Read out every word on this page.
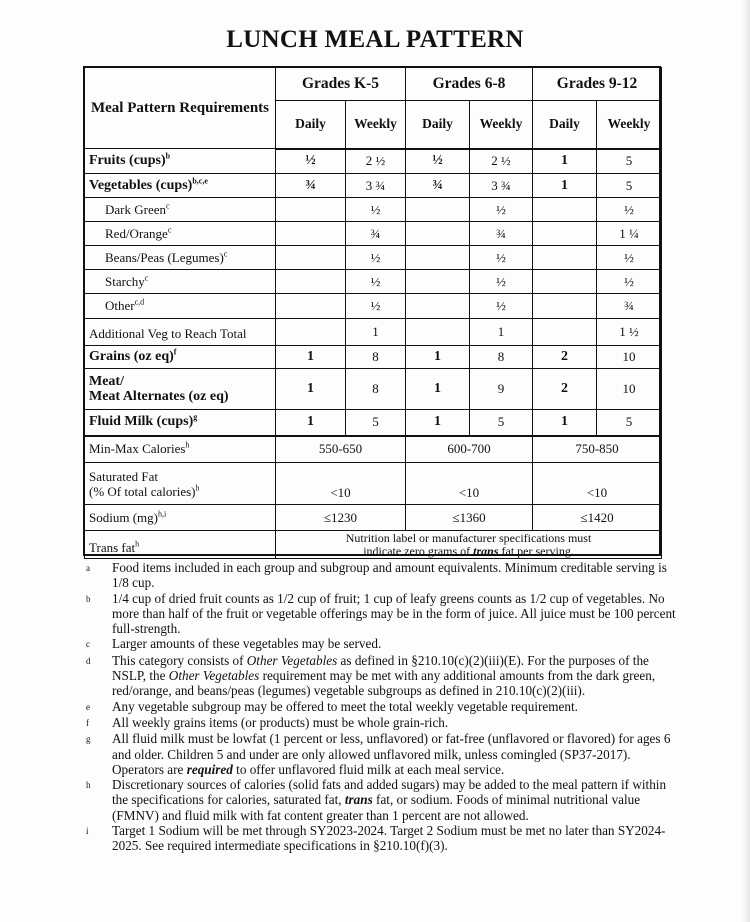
LUNCH MEAL PATTERN
Meal Pattern Requirements	Grades K-5		Grades 6-8		Grades 9-12	
	Daily	Weekly	Daily	Weekly	Daily	Weekly
Fruits (cups)$^b$	½	2 ½	½	2 ½	1	5
Vegetables (cups)$^{b,c,e}$	¾	3 ¾	¾	3 ¾	1	5
Dark Green$^c$		½		½		½
Red/Orange$^c$		¾		¾		1 ¼
Beans/Peas (Legumes)$^c$		½		½		½
Starchy$^c$		½		½		½
Other$^{c,d}$		½		½		¾
Additional Veg to Reach Total		1		1		1 ½
Grains (oz eq)$^f$	1	8	1	8	2	10
Meat/
Meat Alternates (oz eq)	1	8	1	9	2	10
Fluid Milk (cups)$^g$	1	5	1	5	1	5
Min-Max Calories$^h$	550-650		600-700		750-850	
Saturated Fat
(% Of total calories)$^h$	<10		<10		<10	
Sodium (mg)$^{h,i}$	≤1230		≤1360		≤1420	
Trans fat$^h$	Nutrition label or manufacturer specifications must
indicate zero grams of trans fat per serving.					
a	Food items included in each group and subgroup and amount equivalents. Minimum creditable serving is 1/8 cup.
b	1/4 cup of dried fruit counts as 1/2 cup of fruit; 1 cup of leafy greens counts as 1/2 cup of vegetables. No more than half of the fruit or vegetable offerings may be in the form of juice. All juice must be 100 percent full-strength.
c	Larger amounts of these vegetables may be served.
d	This category consists of Other Vegetables as defined in §210.10(c)(2)(iii)(E). For the purposes of the NSLP, the Other Vegetables requirement may be met with any additional amounts from the dark green, red/orange, and beans/peas (legumes) vegetable subgroups as defined in 210.10(c)(2)(iii).
e	Any vegetable subgroup may be offered to meet the total weekly vegetable requirement.
f	All weekly grains items (or products) must be whole grain-rich.
g	All fluid milk must be lowfat (1 percent or less, unflavored) or fat-free (unflavored or flavored) for ages 6 and older. Children 5 and under are only allowed unflavored milk, unless comingled (SP37-2017). Operators are required to offer unflavored fluid milk at each meal service.
h	Discretionary sources of calories (solid fats and added sugars) may be added to the meal pattern if within the specifications for calories, saturated fat, trans fat, or sodium. Foods of minimal nutritional value (FMNV) and fluid milk with fat content greater than 1 percent are not allowed.
i	Target 1 Sodium will be met through SY2023-2024. Target 2 Sodium must be met no later than SY2024-2025. See required intermediate specifications in §210.10(f)(3).
